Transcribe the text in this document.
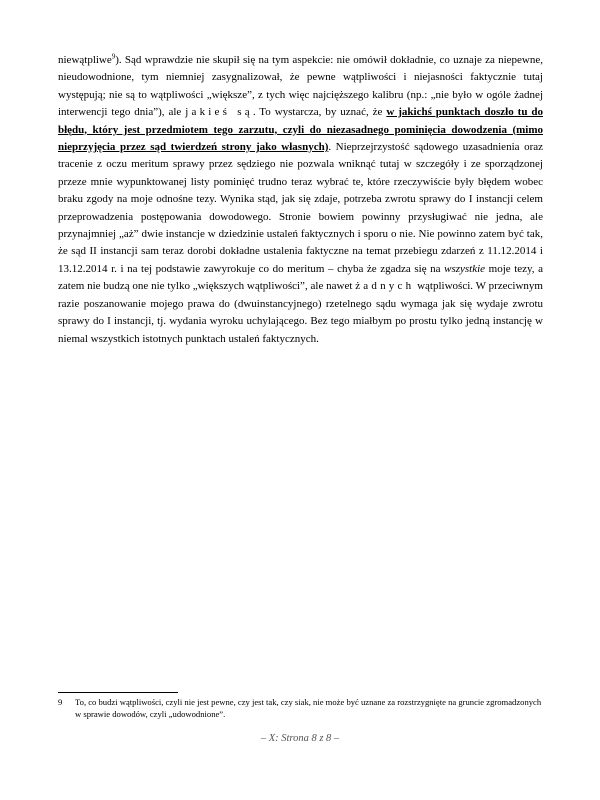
niewątpliwe$^9$). Sąd wprawdzie nie skupił się na tym aspekcie: nie omówił dokładnie, co uznaje za niepewne, nieudowodnione, tym niemniej zasygnalizował, że pewne wątpliwości i niejasności faktycznie tutaj występują; nie są to wątpliwości „większe”, z tych więc najcięższego kalibru (np.: „nie było w ogóle żadnej interwencji tego dnia”), ale jakieś są. To wystarcza, by uznać, że w jakichś punktach doszło tu do błędu, który jest przedmiotem tego zarzutu, czyli do niezasadnego pominięcia dowodzenia (mimo nieprzyjęcia przez sąd twierdzeń strony jako własnych). Nieprzejrzystość sądowego uzasadnienia oraz tracenie z oczu meritum sprawy przez sędziego nie pozwala wniknąć tutaj w szczegóły i ze sporządzonej przeze mnie wypunktowanej listy pominięć trudno teraz wybrać te, które rzeczywiście były błędem wobec braku zgody na moje odnośne tezy. Wynika stąd, jak się zdaje, potrzeba zwrotu sprawy do I instancji celem przeprowadzenia postępowania dowodowego. Stronie bowiem powinny przysługiwać nie jedna, ale przynajmniej „aż” dwie instancje w dziedzinie ustaleń faktycznych i sporu o nie. Nie powinno zatem być tak, że sąd II instancji sam teraz dorobi dokładne ustalenia faktyczne na temat przebiegu zdarzeń z 11.12.2014 i 13.12.2014 r. i na tej podstawie zawyrokuje co do meritum – chyba że zgadza się na wszystkie moje tezy, a zatem nie budzą one nie tylko „większych wątpliwości”, ale nawet żadnych wątpliwości. W przeciwnym razie poszanowanie mojego prawa do (dwuinstancyjnego) rzetelnego sądu wymaga jak się wydaje zwrotu sprawy do I instancji, tj. wydania wyroku uchylającego. Bez tego miałbym po prostu tylko jedną instancję w niemal wszystkich istotnych punktach ustaleń faktycznych.

9	To, co budzi wątpliwości, czyli nie jest pewne, czy jest tak, czy siak, nie może być uznane za rozstrzygnięte na gruncie zgromadzonych w sprawie dowodów, czyli „udowodnione”.
– X: Strona 8 z 8 –
